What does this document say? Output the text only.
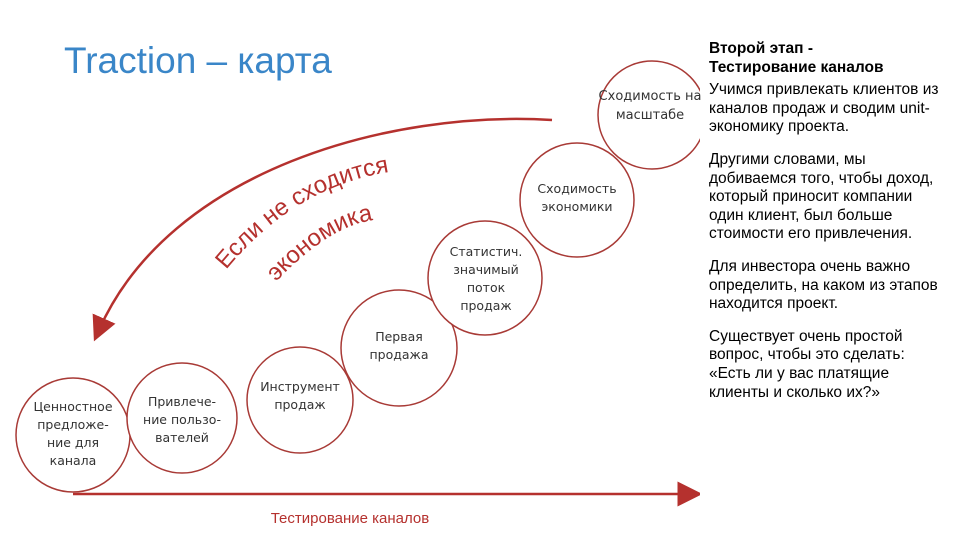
Traction – карта
Если не сходится
экономика
Ценностное предложе-ние для канала
Привлече-ние пользо-вателей
Инструмент продаж
Первая продажа
Статистич. значимый поток продаж
Сходимость экономики
Сходимость на масштабе
Тестирование каналов

Второй этап -
Тестирование каналов

Учимся привлекать клиентов из каналов продаж и сводим unit-экономику проекта.

Другими словами, мы добиваемся того, чтобы доход, который приносит компании один клиент, был больше стоимости его привлечения.

Для инвестора очень важно определить, на каком из этапов находится проект.

Существует очень простой вопрос, чтобы это сделать: «Есть ли у вас платящие клиенты и сколько их?»
